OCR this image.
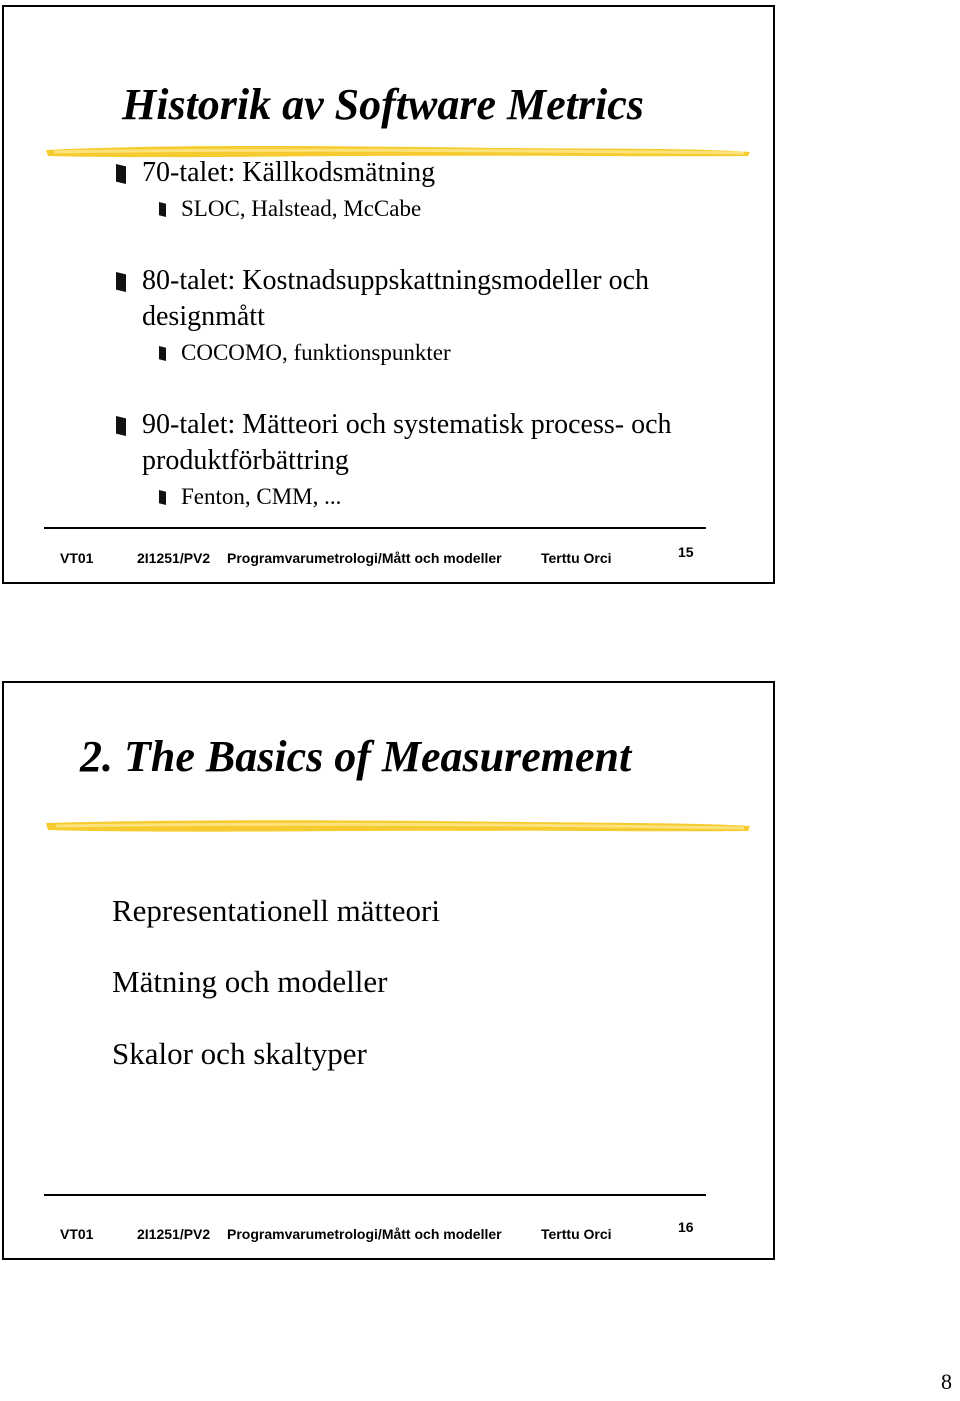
Historik av Software Metrics
70-talet: Källkodsmätning
SLOC, Halstead, McCabe
80-talet: Kostnadsuppskattningsmodeller och designmått
COCOMO, funktionspunkter
90-talet: Mätteori och systematisk process- och produktförbättring
Fenton, CMM, ...
VT01	2I1251/PV2 Programvarumetrologi/Mått och modeller	Terttu Orci	15
2. The Basics of Measurement
Representationell mätteori
Mätning och modeller
Skalor och skaltyper
VT01	2I1251/PV2 Programvarumetrologi/Mått och modeller	Terttu Orci	16
8
